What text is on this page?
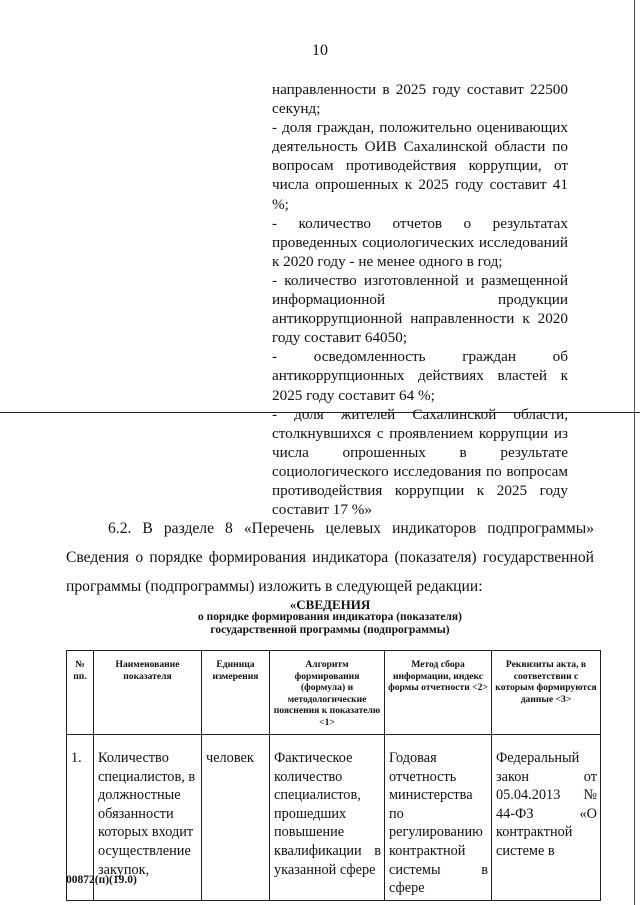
10

направленности в 2025 году составит 22500 секунд;

- доля граждан, положительно оценивающих деятельность ОИВ Сахалинской области по вопросам противодействия коррупции, от числа опрошенных к 2025 году составит 41 %;

- количество отчетов о результатах проведенных социологических исследований к 2020 году - не менее одного в год;

- количество изготовленной и размещенной информационной продукции антикоррупционной направленности к 2020 году составит 64050;

- осведомленность граждан об антикоррупционных действиях властей к 2025 году составит 64 %;

- доля жителей Сахалинской области, столкнувшихся с проявлением коррупции из числа опрошенных в результате социологического исследования по вопросам противодействия коррупции к 2025 году составит 17 %»

6.2. В разделе 8 «Перечень целевых индикаторов подпрограммы» Сведения о порядке формирования индикатора (показателя) государственной программы (подпрограммы) изложить в следующей редакции:

«СВЕДЕНИЯ
о порядке формирования индикатора (показателя)
государственной программы (подпрограммы)
№ пп.	Наименование показателя	Единица измерения	Алгоритм формирования (формула) и методологические пояснения к показателю <1>	Метод сбора информации, индекс формы отчетности <2>	Реквизиты акта, в соответствии с которым формируются данные <3>
1.	Количество специалистов, в должностные обязанности которых входит осуществление закупок,	человек	Фактическое количество специалистов, прошедших повышение квалификации в указанной сфере	Годовая отчетность министерства по регулированию контрактной системы в сфере	Федеральный закон от 05.04.2013 № 44-ФЗ «О контрактной системе в
00872(п)(19.0)
